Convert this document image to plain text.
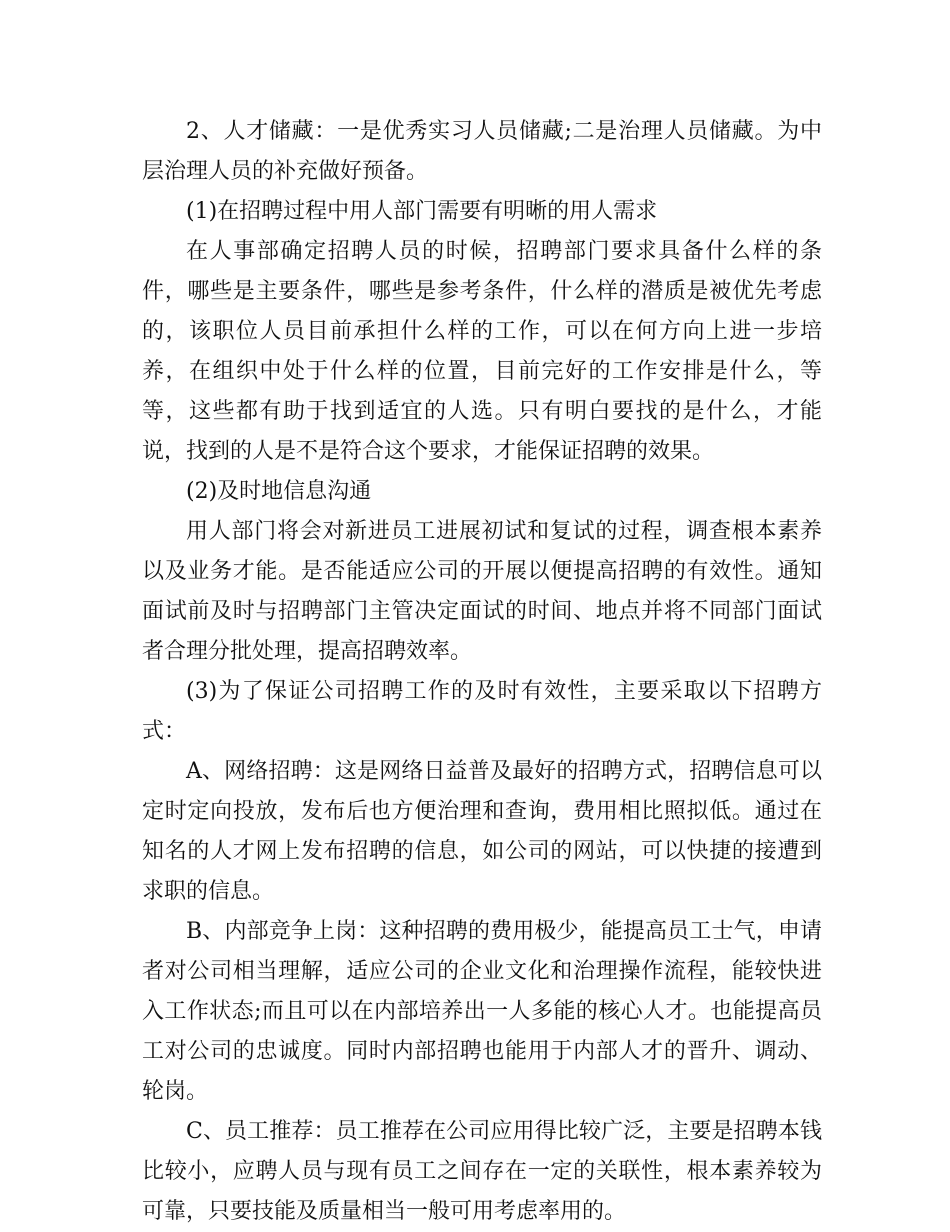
2、人才储藏：一是优秀实习人员储藏;二是治理人员储藏。为中层治理人员的补充做好预备。

(1)在招聘过程中用人部门需要有明晰的用人需求

在人事部确定招聘人员的时候，招聘部门要求具备什么样的条件，哪些是主要条件，哪些是参考条件，什么样的潜质是被优先考虑的，该职位人员目前承担什么样的工作，可以在何方向上进一步培养，在组织中处于什么样的位置，目前完好的工作安排是什么，等等，这些都有助于找到适宜的人选。只有明白要找的是什么，才能说，找到的人是不是符合这个要求，才能保证招聘的效果。

(2)及时地信息沟通

用人部门将会对新进员工进展初试和复试的过程，调查根本素养以及业务才能。是否能适应公司的开展以便提高招聘的有效性。通知面试前及时与招聘部门主管决定面试的时间、地点并将不同部门面试者合理分批处理，提高招聘效率。

(3)为了保证公司招聘工作的及时有效性，主要采取以下招聘方式：

A、网络招聘：这是网络日益普及最好的招聘方式，招聘信息可以定时定向投放，发布后也方便治理和查询，费用相比照拟低。通过在知名的人才网上发布招聘的信息，如公司的网站，可以快捷的接遭到求职的信息。

B、内部竞争上岗：这种招聘的费用极少，能提高员工士气，申请者对公司相当理解，适应公司的企业文化和治理操作流程，能较快进入工作状态;而且可以在内部培养出一人多能的核心人才。也能提高员工对公司的忠诚度。同时内部招聘也能用于内部人才的晋升、调动、轮岗。

C、员工推荐：员工推荐在公司应用得比较广泛，主要是招聘本钱比较小，应聘人员与现有员工之间存在一定的关联性，根本素养较为可靠，只要技能及质量相当一般可用考虑率用的。
